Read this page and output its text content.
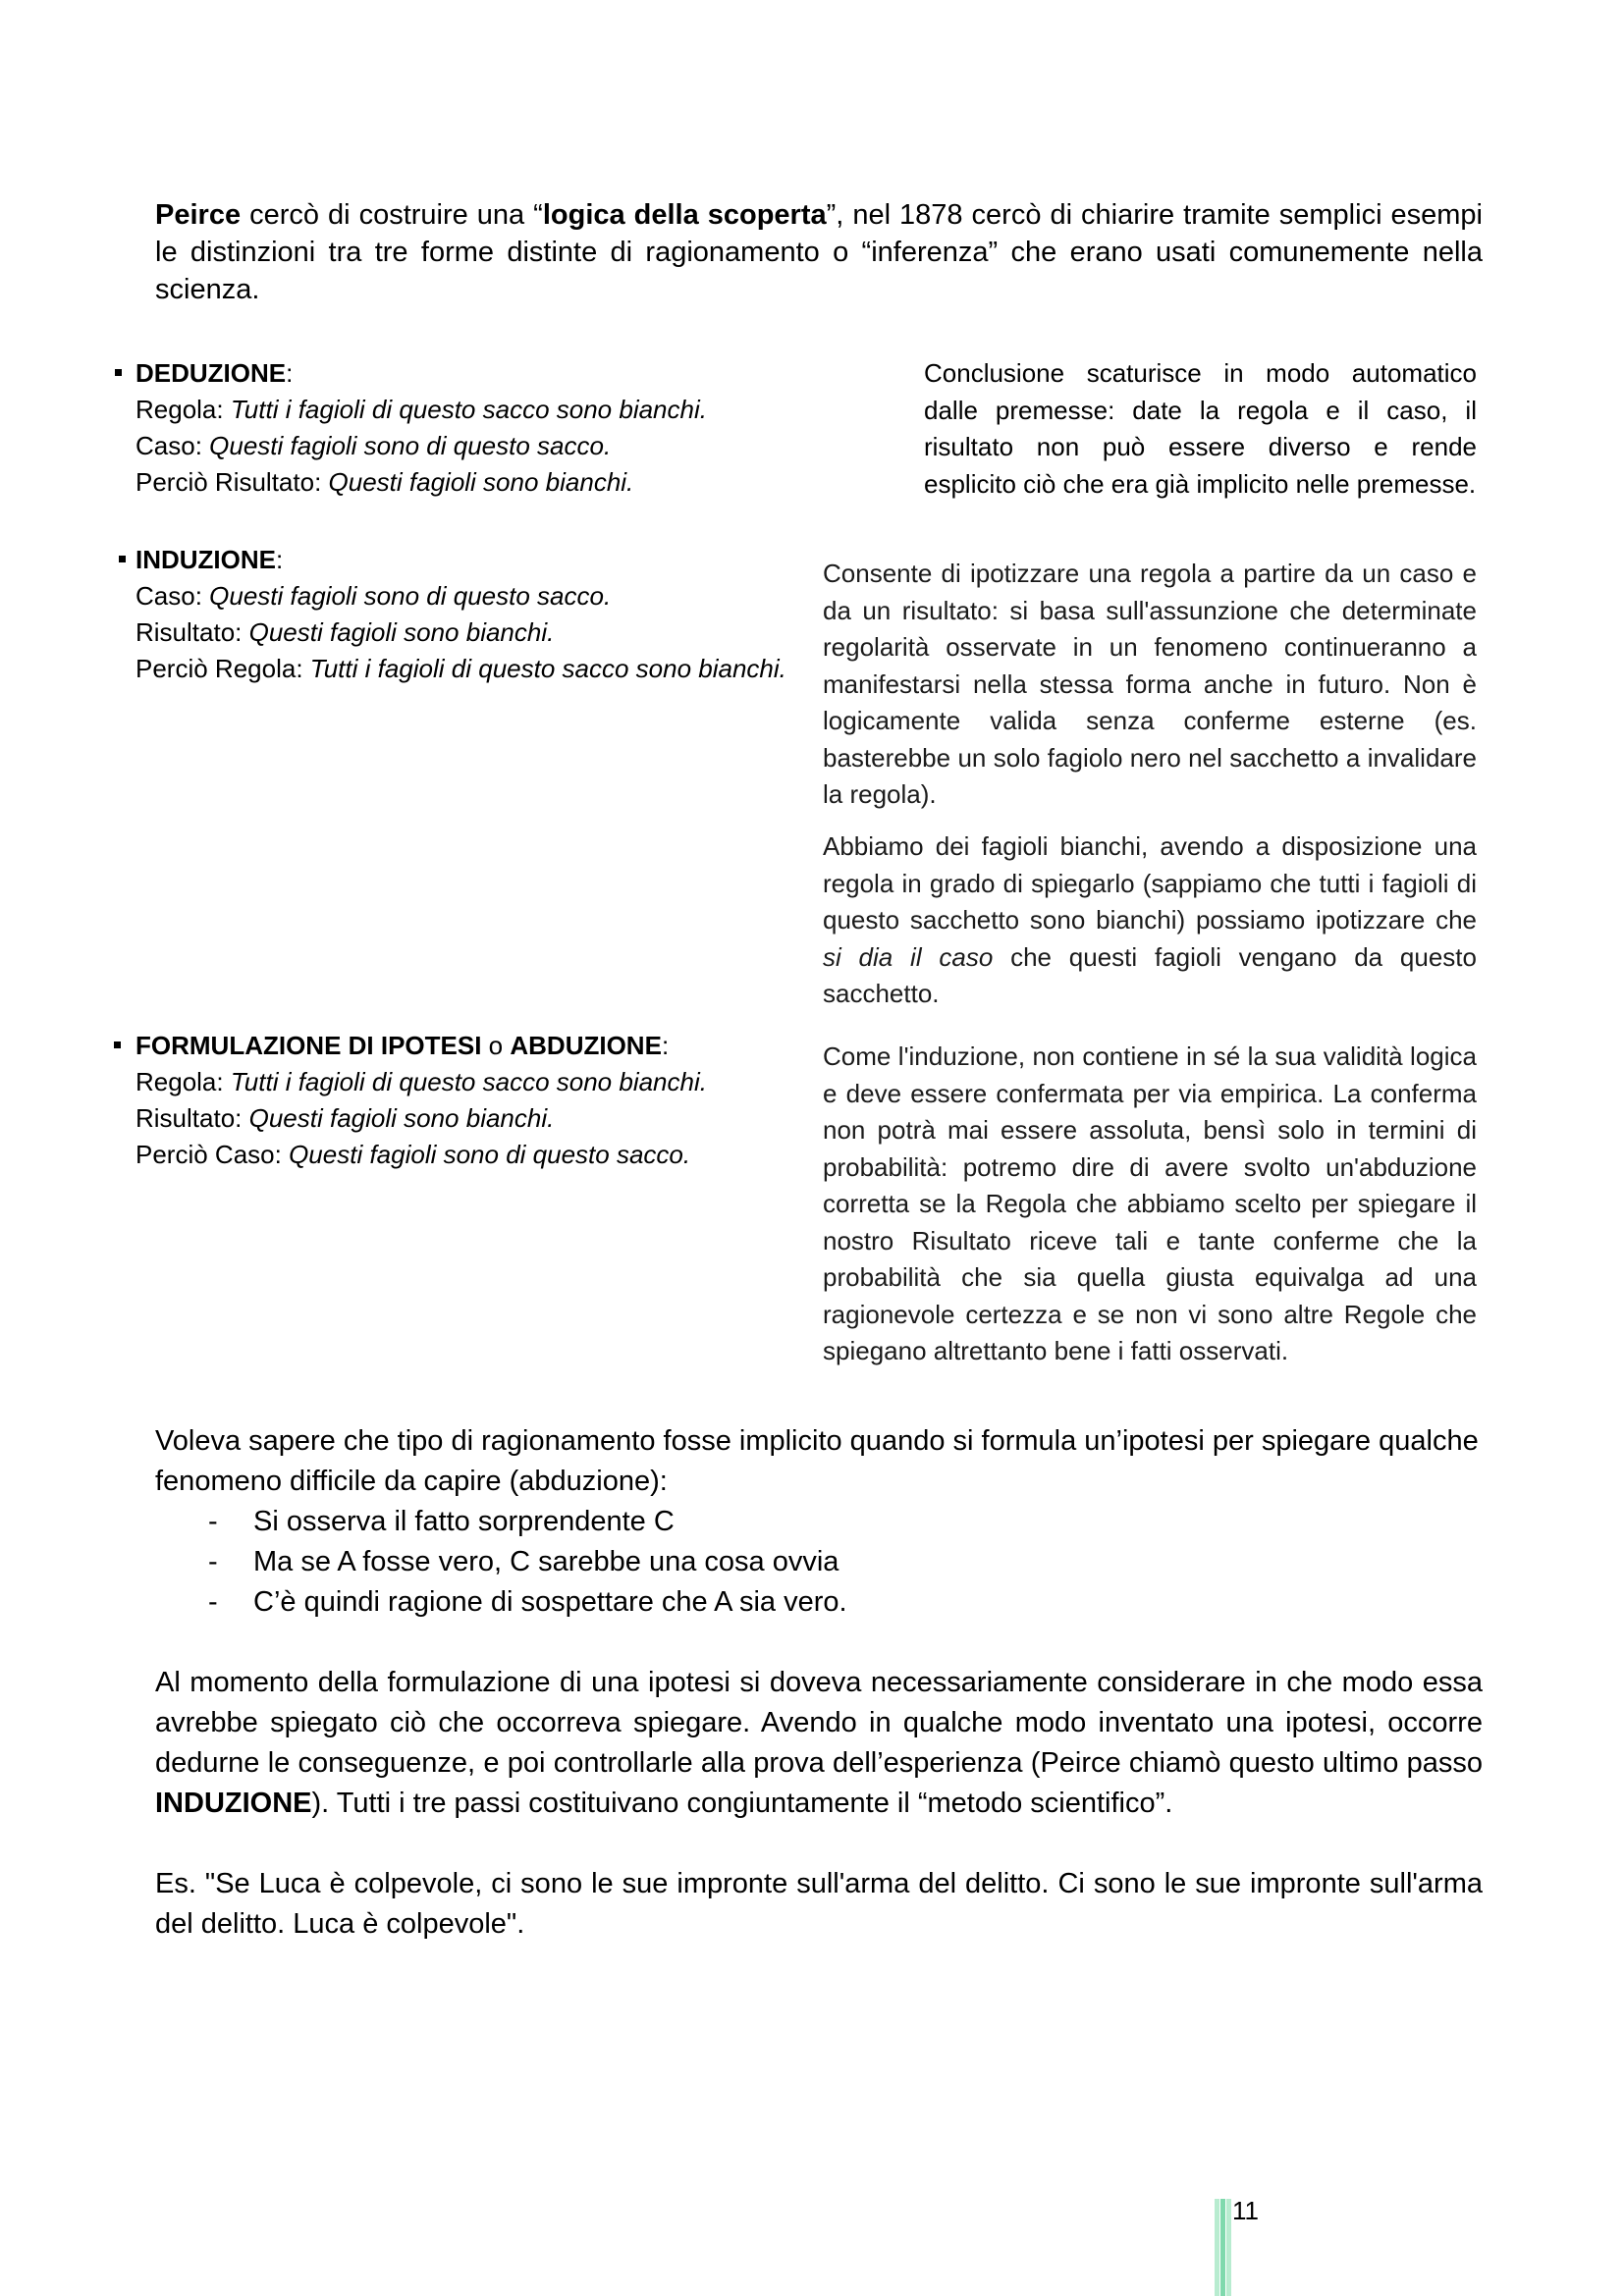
Peirce cercò di costruire una “logica della scoperta”, nel 1878 cercò di chiarire tramite semplici esempi le distinzioni tra tre forme distinte di ragionamento o “inferenza” che erano usati comunemente nella scienza.

DEDUZIONE:
Regola: Tutti i fagioli di questo sacco sono bianchi.
Caso: Questi fagioli sono di questo sacco.
Perciò Risultato: Questi fagioli sono bianchi.

Conclusione scaturisce in modo automatico dalle premesse: date la regola e il caso, il risultato non può essere diverso e rende esplicito ciò che era già implicito nelle premesse.

INDUZIONE:
Caso: Questi fagioli sono di questo sacco.
Risultato: Questi fagioli sono bianchi.
Perciò Regola: Tutti i fagioli di questo sacco sono bianchi.

Consente di ipotizzare una regola a partire da un caso e da un risultato: si basa sull'assunzione che determinate regolarità osservate in un fenomeno continueranno a manifestarsi nella stessa forma anche in futuro. Non è logicamente valida senza conferme esterne (es. basterebbe un solo fagiolo nero nel sacchetto a invalidare la regola).

Abbiamo dei fagioli bianchi, avendo a disposizione una regola in grado di spiegarlo (sappiamo che tutti i fagioli di questo sacchetto sono bianchi) possiamo ipotizzare che si dia il caso che questi fagioli vengano da questo sacchetto.

FORMULAZIONE DI IPOTESI o ABDUZIONE:
Regola: Tutti i fagioli di questo sacco sono bianchi.
Risultato: Questi fagioli sono bianchi.
Perciò Caso: Questi fagioli sono di questo sacco.

Come l'induzione, non contiene in sé la sua validità logica e deve essere confermata per via empirica. La conferma non potrà mai essere assoluta, bensì solo in termini di probabilità: potremo dire di avere svolto un'abduzione corretta se la Regola che abbiamo scelto per spiegare il nostro Risultato riceve tali e tante conferme che la probabilità che sia quella giusta equivalga ad una ragionevole certezza e se non vi sono altre Regole che spiegano altrettanto bene i fatti osservati.

Voleva sapere che tipo di ragionamento fosse implicito quando si formula un’ipotesi per spiegare qualche fenomeno difficile da capire (abduzione):

- Si osserva il fatto sorprendente C
- Ma se A fosse vero, C sarebbe una cosa ovvia
- C’è quindi ragione di sospettare che A sia vero.

Al momento della formulazione di una ipotesi si doveva necessariamente considerare in che modo essa avrebbe spiegato ciò che occorreva spiegare. Avendo in qualche modo inventato una ipotesi, occorre dedurne le conseguenze, e poi controllarle alla prova dell’esperienza (Peirce chiamò questo ultimo passo INDUZIONE). Tutti i tre passi costituivano congiuntamente il “metodo scientifico”.

Es. "Se Luca è colpevole, ci sono le sue impronte sull'arma del delitto. Ci sono le sue impronte sull'arma del delitto. Luca è colpevole".

11
